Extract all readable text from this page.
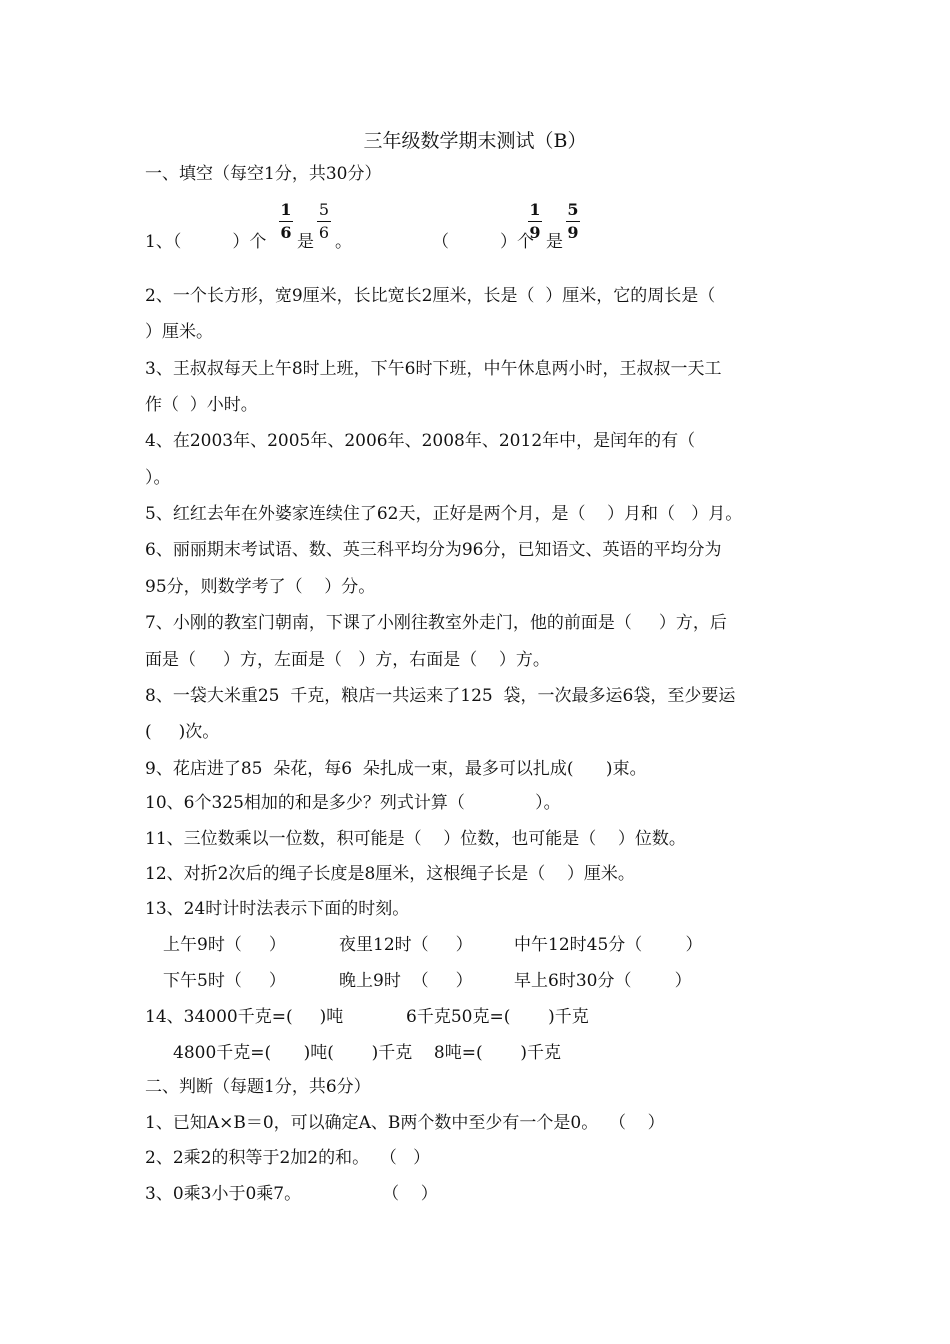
三年级数学期末测试（B）
一、填空（每空1分，共30分）
1、（　　　）个
1
6 是
5
6 。	（　　　）个
1
9 是
5
9
2、一个长方形，宽9厘米，长比宽长2厘米，长是（  ）厘米，它的周长是（
）厘米。
3、王叔叔每天上午8时上班，下午6时下班，中午休息两小时，王叔叔一天工
作（  ）小时。
4、在2003年、2005年、2006年、2008年、2012年中，是闰年的有（
）。
5、红红去年在外婆家连续住了62天，正好是两个月，是（    ）月和（   ）月。
6、丽丽期末考试语、数、英三科平均分为96分，已知语文、英语的平均分为
95分，则数学考了（    ）分。
7、小刚的教室门朝南，下课了小刚往教室外走门，他的前面是（     ）方，后
面是（     ）方，左面是（   ）方，右面是（    ）方。
8、一袋大米重25  千克，粮店一共运来了125  袋，一次最多运6袋，至少要运
(     )次。
9、花店进了85  朵花，每6  朵扎成一束，最多可以扎成(      )束。
10、6个325相加的和是多少？列式计算（             ）。
11、三位数乘以一位数，积可能是（    ）位数，也可能是（    ）位数。
12、对折2次后的绳子长度是8厘米，这根绳子长是（    ）厘米。
13、24时计时法表示下面的时刻。
上午9时（     ）	夜里12时（     ） 中午12时45分（        ）
下午5时（     ）	晚上9时  （     ） 早上6时30分（        ）
14、34000千克=(     )吨	6千克50克=(       )千克
4800千克=(      )吨(       )千克    8吨=(       )千克
二、判断（每题1分，共6分）
1、已知A×B＝0，可以确定A、B两个数中至少有一个是0。  （    ）
2、2乘2的积等于2加2的和。  （   ）
3、0乘3小于0乘7。               （    ）
